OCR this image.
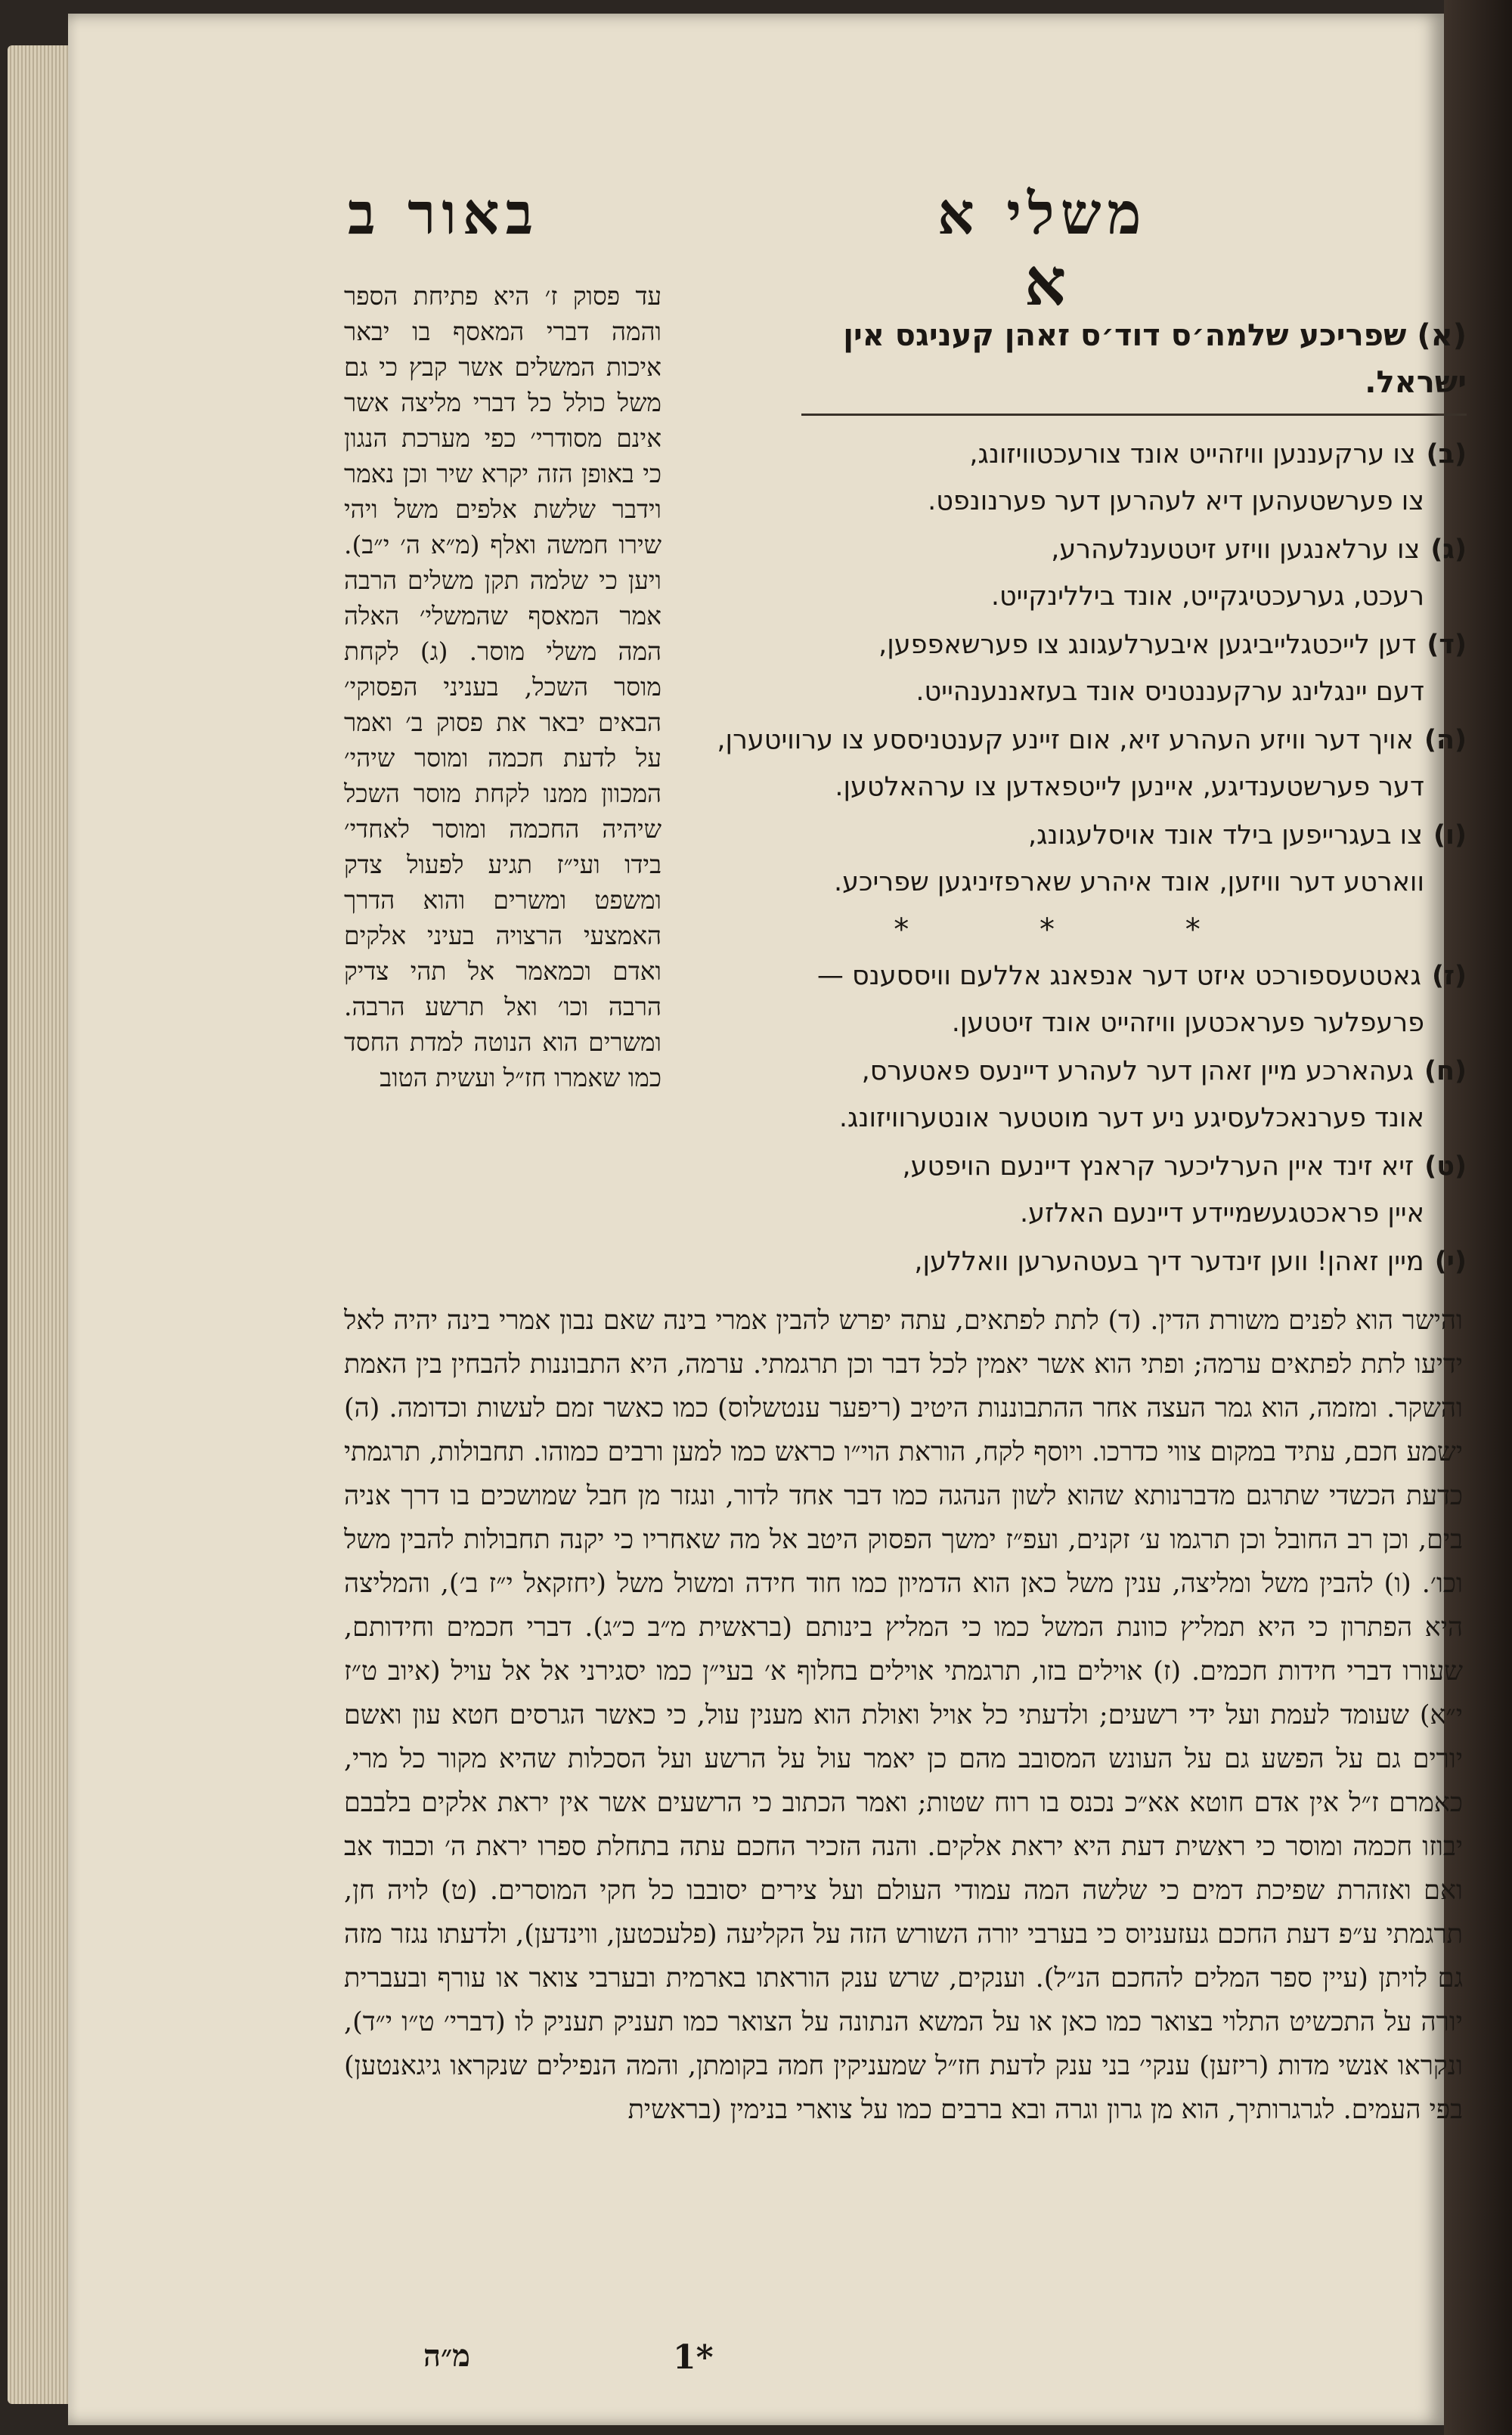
באור ב	משלי א
א

עד פסוק ז׳ היא פתיחת הספר והמה דברי המאסף בו יבאר איכות המשלים אשר קבץ כי גם משל כולל כל דברי מליצה אשר אינם מסודרי׳ כפי מערכת הנגון כי באופן הזה יקרא שיר וכן נאמר וידבר שלשת אלפים משל ויהי שירו חמשה ואלף (מ״א ה׳ י״ב). ויען כי שלמה תקן משלים הרבה אמר המאסף שהמשלי׳ האלה המה משלי מוסר. (ג) לקחת מוסר השכל, בעניני הפסוקי׳ הבאים יבאר את פסוק ב׳ ואמר על לדעת חכמה ומוסר שיהי׳ המכוון ממנו לקחת מוסר השכל שיהיה החכמה ומוסר לאחדי׳ בידו ועי״ז תגיע לפעול צדק ומשפט ומשרים והוא הדרך האמצעי הרצויה בעיני אלקים ואדם וכמאמר אל תהי צדיק הרבה וכו׳ ואל תרשע הרבה. ומשרים הוא הנוטה למדת החסד כמו שאמרו חז״ל ועשית הטוב

(א)שפריכע שלמה׳ס דוד׳ס זאהן קעניגס אין ישראל.
(ב)צו ערקעננען וויזהייט אונד צורעכטוויזונג,
צו פערשטעהען דיא לעהרען דער פערנונפט.
(ג)צו ערלאנגען וויזע זיטטענלעהרע,
רעכט, גערעכטיגקייט, אונד ביללינקייט.
(ד)דען לייכטגלייביגען איבערלעגונג צו פערשאפפען,
דעם יינגלינג ערקעננטניס אונד בעזאננענהייט.
(ה)אויך דער וויזע העהרע זיא, אום זיינע קענטניססע צו ערוויטערן,
דער פערשטענדיגע, איינען לייטפאדען צו ערהאלטען.
(ו)צו בעגרייפען בילד אונד אויסלעגונג,
ווארטע דער וויזען, אונד איהרע שארפזיניגען שפריכע.
* * *
(ז)גאטטעספורכט איזט דער אנפאנג אללעם וויססענס —
פרעפלער פעראכטען וויזהייט אונד זיטטען.
(ח)געהארכע מיין זאהן דער לעהרע דיינעס פאטערס,
אונד פערנאכלעסיגע ניע דער מוטטער אונטערוויזונג.
(ט)זיא זינד איין הערליכער קראנץ דיינעם הויפטע,
איין פראכטגעשמיידע דיינעם האלזע.
(י)מיין זאהן! ווען זינדער דיך בעטהערען וואללען,

והישר הוא לפנים משורת הדין. (ד) לתת לפתאים, עתה יפרש להבין אמרי בינה שאם נבון אמרי בינה יהיה לאל ידיעו לתת לפתאים ערמה; ופתי הוא אשר יאמין לכל דבר וכן תרגמתי. ערמה, היא התבוננות להבחין בין האמת והשקר. ומזמה, הוא גמר העצה אחר ההתבוננות היטיב (ריפער ענטשלוס) כמו כאשר זמם לעשות וכדומה. (ה) ישמע חכם, עתיד במקום צווי כדרכו. ויוסף לקח, הוראת הוי״ו כראש כמו למען ורבים כמוהו. תחבולות, תרגמתי כדעת הכשדי שתרגם מדברנותא שהוא לשון הנהגה כמו דבר אחד לדור, ונגזר מן חבל שמושכים בו דרך אניה בים, וכן רב החובל וכן תרגמו ע׳ זקנים, ועפ״ז ימשך הפסוק היטב אל מה שאחריו כי יקנה תחבולות להבין משל וכו׳. (ו) להבין משל ומליצה, ענין משל כאן הוא הדמיון כמו חוד חידה ומשול משל (יחזקאל י״ז ב׳), והמליצה היא הפתרון כי היא תמליץ כוונת המשל כמו כי המליץ בינותם (בראשית מ״ב כ״ג). דברי חכמים וחידותם, שעורו דברי חידות חכמים. (ז) אוילים בזו, תרגמתי אוילים בחלוף א׳ בעי״ן כמו יסגירני אל אל עויל (איוב ט״ז י״א) שעומד לעמת ועל ידי רשעים; ולדעתי כל אויל ואולת הוא מענין עול, כי כאשר הגרסים חטא עון ואשם יורים גם על הפשע גם על העונש המסובב מהם כן יאמר עול על הרשע ועל הסכלות שהיא מקור כל מרי, כאמרם ז״ל אין אדם חוטא אא״כ נכנס בו רוח שטות; ואמר הכתוב כי הרשעים אשר אין יראת אלקים בלבבם יבוזו חכמה ומוסר כי ראשית דעת היא יראת אלקים. והנה הזכיר החכם עתה בתחלת ספרו יראת ה׳ וכבוד אב ואם ואזהרת שפיכת דמים כי שלשה המה עמודי העולם ועל צירים יסובבו כל חקי המוסרים. (ט) לויה חן, תרגמתי ע״פ דעת החכם געזעניוס כי בערבי יורה השורש הזה על הקליעה (פלעכטען, ווינדען), ולדעתו נגזר מזה גם לויתן (עיין ספר המלים להחכם הנ״ל). וענקים, שרש ענק הוראתו בארמית ובערבי צואר או עורף ובעברית יורה על התכשיט התלוי בצואר כמו כאן או על המשא הנתונה על הצואר כמו תעניק תעניק לו (דברי׳ ט״ו י״ד), ונקראו אנשי מדות (ריזען) ענקי׳ בני ענק לדעת חז״ל שמעניקין חמה בקומתן, והמה הנפילים שנקראו גיגאנטען) בפי העמים. לגרגרותיך, הוא מן גרון וגרה ובא ברבים כמו על צוארי בנימין (בראשית

מ״ה	1*
